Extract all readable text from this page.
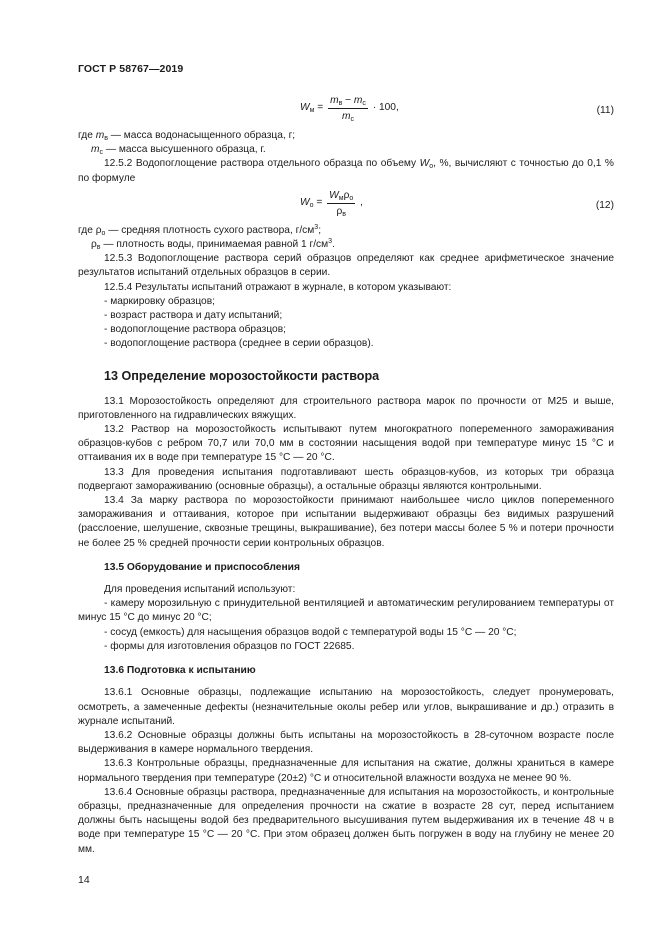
ГОСТ Р 58767—2019
$W_м = \frac{m_в - m_с}{m_с} \cdot 100$,	(11)

где $m_в$ — масса водонасыщенного образца, г;

$m_с$ — масса высушенного образца, г.

12.5.2 Водопоглощение раствора отдельного образца по объему $W_о$, %, вычисляют с точностью до 0,1 % по формуле

$W_о = \frac{W_м\rho_о}{\rho_в}$ ,	(12)

где $\rho_о$ — средняя плотность сухого раствора, $г/см^3$;

$\rho_в$ — плотность воды, принимаемая равной 1 $г/см^3$.

12.5.3 Водопоглощение раствора серий образцов определяют как среднее арифметическое значение результатов испытаний отдельных образцов в серии.

12.5.4 Результаты испытаний отражают в журнале, в котором указывают:

- маркировку образцов;

- возраст раствора и дату испытаний;

- водопоглощение раствора образцов;

- водопоглощение раствора (среднее в серии образцов).

13 Определение морозостойкости раствора

13.1 Морозостойкость определяют для строительного раствора марок по прочности от М25 и выше, приготовленного на гидравлических вяжущих.

13.2 Раствор на морозостойкость испытывают путем многократного попеременного замораживания образцов-кубов с ребром 70,7 или 70,0 мм в состоянии насыщения водой при температуре минус 15 °С и оттаивания их в воде при температуре 15 °С — 20 °С.

13.3 Для проведения испытания подготавливают шесть образцов-кубов, из которых три образца подвергают замораживанию (основные образцы), а остальные образцы являются контрольными.

13.4 За марку раствора по морозостойкости принимают наибольшее число циклов попеременного замораживания и оттаивания, которое при испытании выдерживают образцы без видимых разрушений (расслоение, шелушение, сквозные трещины, выкрашивание), без потери массы более 5 % и потери прочности не более 25 % средней прочности серии контрольных образцов.

13.5 Оборудование и приспособления

Для проведения испытаний используют:

- камеру морозильную с принудительной вентиляцией и автоматическим регулированием температуры от минус 15 °С до минус 20 °С;

- сосуд (емкость) для насыщения образцов водой с температурой воды 15 °С — 20 °С;

- формы для изготовления образцов по ГОСТ 22685.

13.6 Подготовка к испытанию

13.6.1 Основные образцы, подлежащие испытанию на морозостойкость, следует пронумеровать, осмотреть, а замеченные дефекты (незначительные околы ребер или углов, выкрашивание и др.) отразить в журнале испытаний.

13.6.2 Основные образцы должны быть испытаны на морозостойкость в 28-суточном возрасте после выдерживания в камере нормального твердения.

13.6.3 Контрольные образцы, предназначенные для испытания на сжатие, должны храниться в камере нормального твердения при температуре (20±2) °С и относительной влажности воздуха не менее 90 %.

13.6.4 Основные образцы раствора, предназначенные для испытания на морозостойкость, и контрольные образцы, предназначенные для определения прочности на сжатие в возрасте 28 сут, перед испытанием должны быть насыщены водой без предварительного высушивания путем выдерживания их в течение 48 ч в воде при температуре 15 °С — 20 °С. При этом образец должен быть погружен в воду на глубину не менее 20 мм.

14
